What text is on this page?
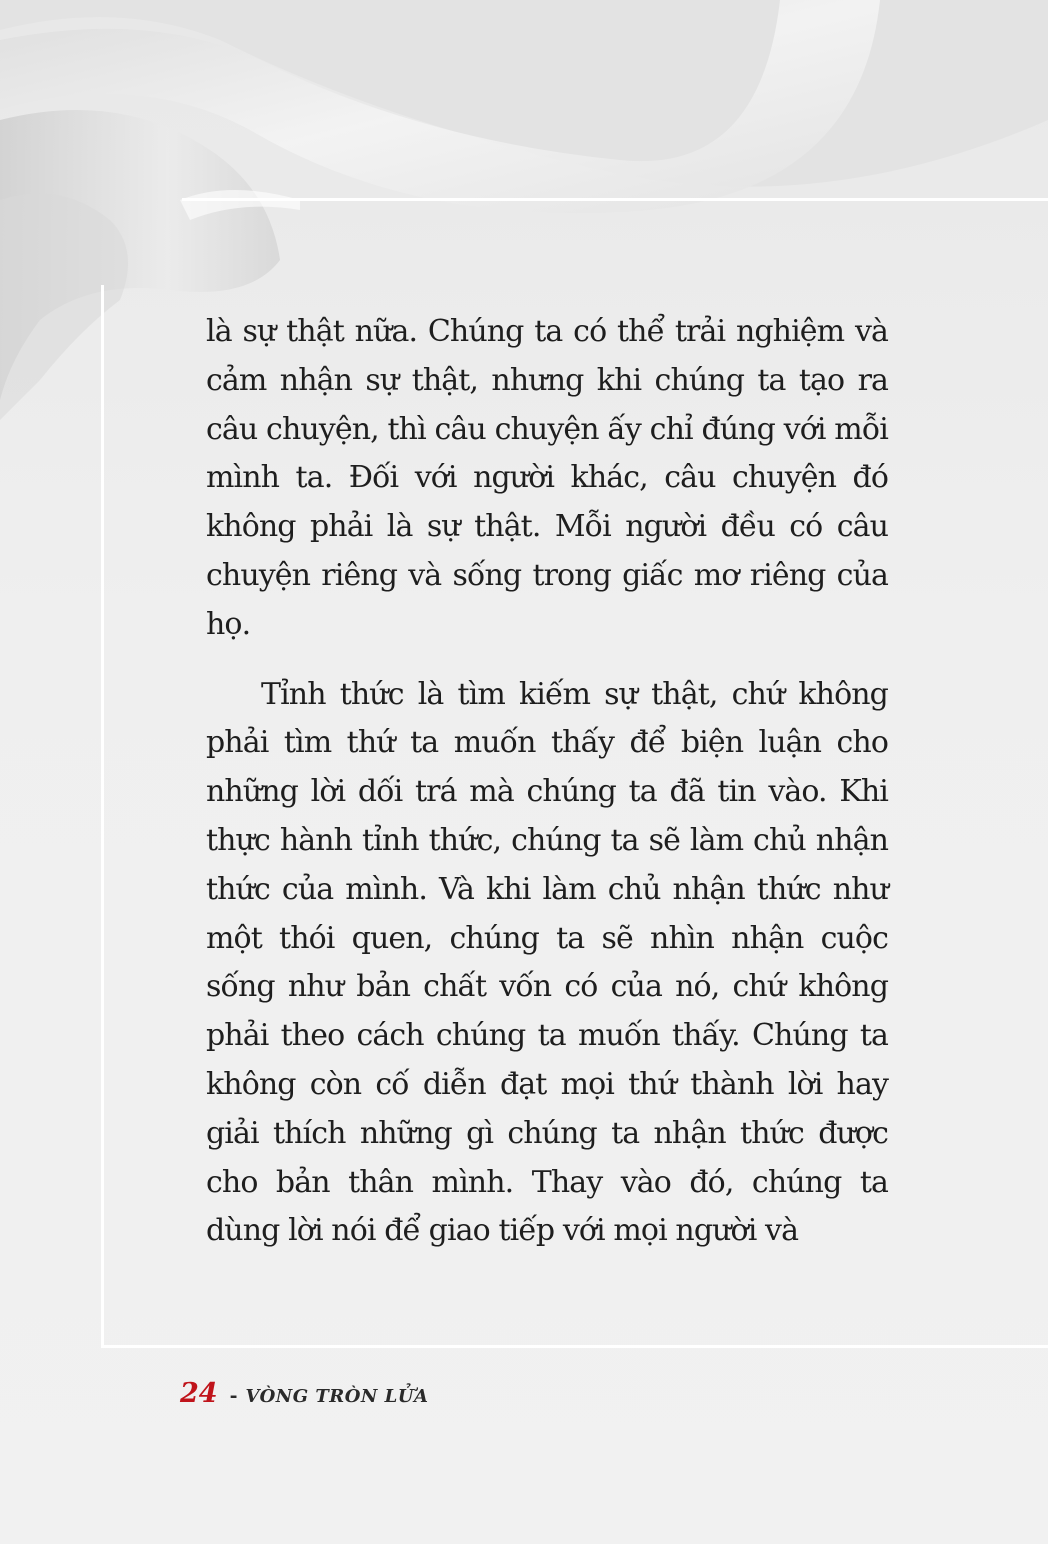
là sự thật nữa. Chúng ta có thể trải nghiệm và cảm nhận sự thật, nhưng khi chúng ta tạo ra câu chuyện, thì câu chuyện ấy chỉ đúng với mỗi mình ta. Đối với người khác, câu chuyện đó không phải là sự thật. Mỗi người đều có câu chuyện riêng và sống trong giấc mơ riêng của họ.

Tỉnh thức là tìm kiếm sự thật, chứ không phải tìm thứ ta muốn thấy để biện luận cho những lời dối trá mà chúng ta đã tin vào. Khi thực hành tỉnh thức, chúng ta sẽ làm chủ nhận thức của mình. Và khi làm chủ nhận thức như một thói quen, chúng ta sẽ nhìn nhận cuộc sống như bản chất vốn có của nó, chứ không phải theo cách chúng ta muốn thấy. Chúng ta không còn cố diễn đạt mọi thứ thành lời hay giải thích những gì chúng ta nhận thức được cho bản thân mình. Thay vào đó, chúng ta dùng lời nói để giao tiếp với mọi người và

24 - VÒNG TRÒN LỬA
